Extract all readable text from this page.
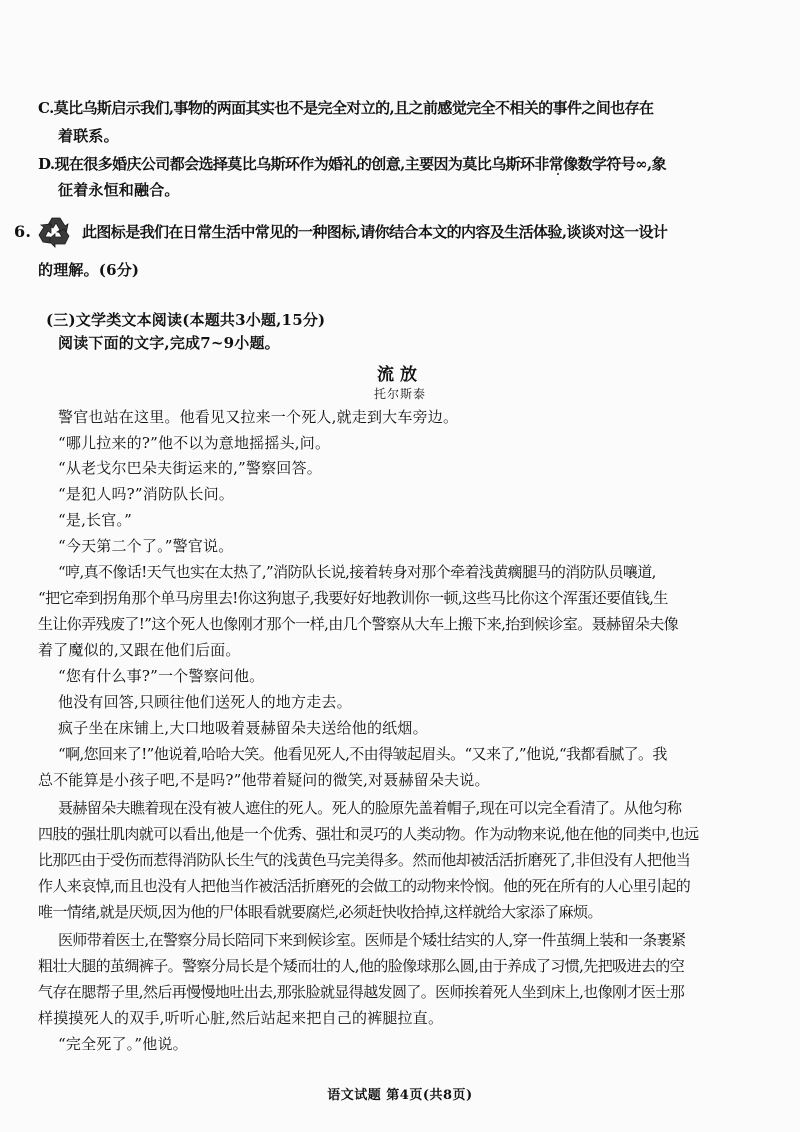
C.莫比乌斯启示我们,事物的两面其实也不是完全对立的,且之前感觉完全不相关的事件之间也存在
着联系。
D.现在很多婚庆公司都会选择莫比乌斯环作为婚礼的创意,主要因为莫比乌斯环非常像数学符号∞,象
征着永恒和融合。
6.	此图标是我们在日常生活中常见的一种图标,请你结合本文的内容及生活体验,谈谈对这一设计
的理解。(6分)
(三)文学类文本阅读(本题共3小题,15分)
阅读下面的文字,完成7~9小题。
流放
托尔斯泰
警官也站在这里。他看见又拉来一个死人,就走到大车旁边。
“哪儿拉来的?”他不以为意地摇摇头,问。
“从老戈尔巴朵夫街运来的,”警察回答。
“是犯人吗?”消防队长问。
“是,长官。”
“今天第二个了。”警官说。
“哼,真不像话!天气也实在太热了,”消防队长说,接着转身对那个牵着浅黄瘸腿马的消防队员嚷道,
“把它牵到拐角那个单马房里去!你这狗崽子,我要好好地教训你一顿,这些马比你这个浑蛋还要值钱,生
生让你弄残废了!”这个死人也像刚才那个一样,由几个警察从大车上搬下来,抬到候诊室。聂赫留朵夫像
着了魔似的,又跟在他们后面。
“您有什么事?”一个警察问他。
他没有回答,只顾往他们送死人的地方走去。
疯子坐在床铺上,大口地吸着聂赫留朵夫送给他的纸烟。
“啊,您回来了!”他说着,哈哈大笑。他看见死人,不由得皱起眉头。“又来了,”他说,“我都看腻了。我
总不能算是小孩子吧,不是吗?”他带着疑问的微笑,对聂赫留朵夫说。
聂赫留朵夫瞧着现在没有被人遮住的死人。死人的脸原先盖着帽子,现在可以完全看清了。从他匀称
四肢的强壮肌肉就可以看出,他是一个优秀、强壮和灵巧的人类动物。作为动物来说,他在他的同类中,也远
比那匹由于受伤而惹得消防队长生气的浅黄色马完美得多。然而他却被活活折磨死了,非但没有人把他当
作人来哀悼,而且也没有人把他当作被活活折磨死的会做工的动物来怜悯。他的死在所有的人心里引起的
唯一情绪,就是厌烦,因为他的尸体眼看就要腐烂,必须赶快收拾掉,这样就给大家添了麻烦。
医师带着医士,在警察分局长陪同下来到候诊室。医师是个矮壮结实的人,穿一件茧绸上装和一条裹紧
粗壮大腿的茧绸裤子。警察分局长是个矮而壮的人,他的脸像球那么圆,由于养成了习惯,先把吸进去的空
气存在腮帮子里,然后再慢慢地吐出去,那张脸就显得越发圆了。医师挨着死人坐到床上,也像刚才医士那
样摸摸死人的双手,听听心脏,然后站起来把自己的裤腿拉直。
“完全死了。”他说。
语文试题 第4页(共8页)
